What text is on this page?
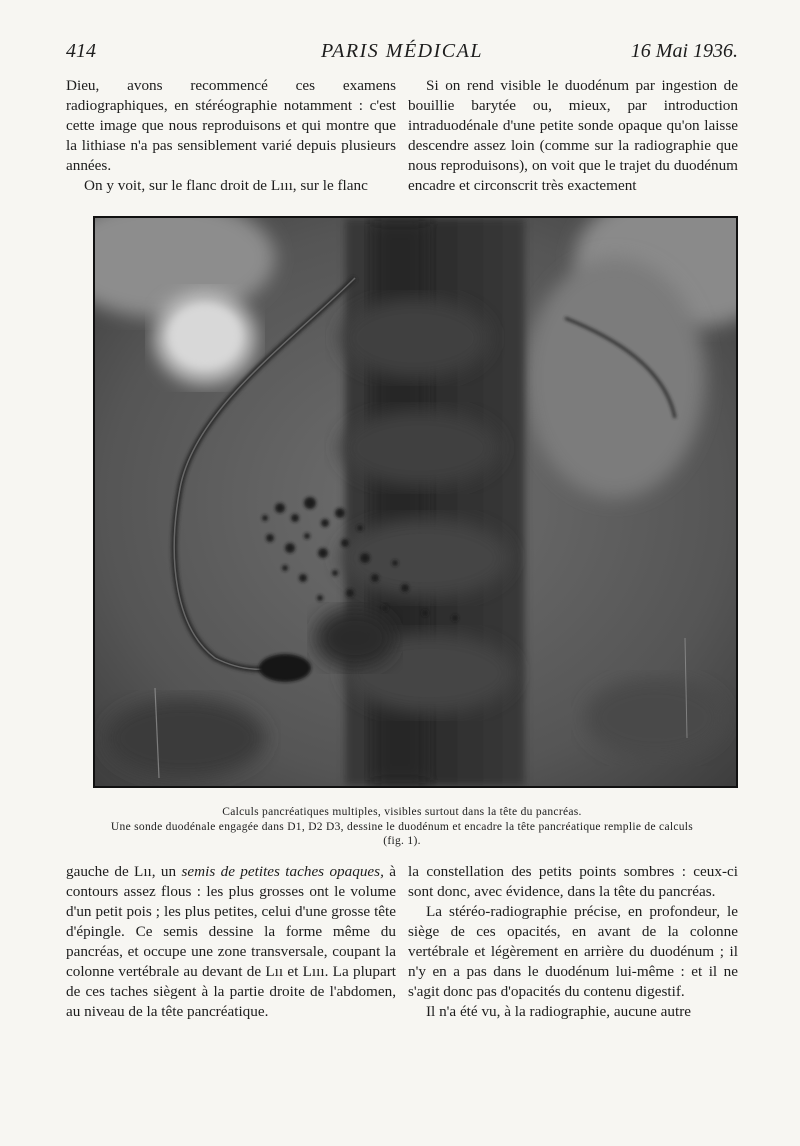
414	PARIS MÉDICAL	16 Mai 1936.

Dieu, avons recommencé ces examens radiographiques, en stéréographie notamment : c'est cette image que nous reproduisons et qui montre que la lithiase n'a pas sensiblement varié depuis plusieurs années.

On y voit, sur le flanc droit de Lııı, sur le flanc

Si on rend visible le duodénum par ingestion de bouillie barytée ou, mieux, par introduction intraduodénale d'une petite sonde opaque qu'on laisse descendre assez loin (comme sur la radiographie que nous reproduisons), on voit que le trajet du duodénum encadre et circonscrit très exactement

Calculs pancréatiques multiples, visibles surtout dans la tête du pancréas.
Une sonde duodénale engagée dans D1, D2 D3, dessine le duodénum et encadre la tête pancréatique remplie de calculs
(fig. 1).

gauche de Lıı, un semis de petites taches opaques, à contours assez flous : les plus grosses ont le volume d'un petit pois ; les plus petites, celui d'une grosse tête d'épingle. Ce semis dessine la forme même du pancréas, et occupe une zone transversale, coupant la colonne vertébrale au devant de Lıı et Lııı. La plupart de ces taches siègent à la partie droite de l'abdomen, au niveau de la tête pancréatique.

la constellation des petits points sombres : ceux-ci sont donc, avec évidence, dans la tête du pancréas.

La stéréo-radiographie précise, en profondeur, le siège de ces opacités, en avant de la colonne vertébrale et légèrement en arrière du duodénum ; il n'y en a pas dans le duodénum lui-même : et il ne s'agit donc pas d'opacités du contenu digestif.

Il n'a été vu, à la radiographie, aucune autre
